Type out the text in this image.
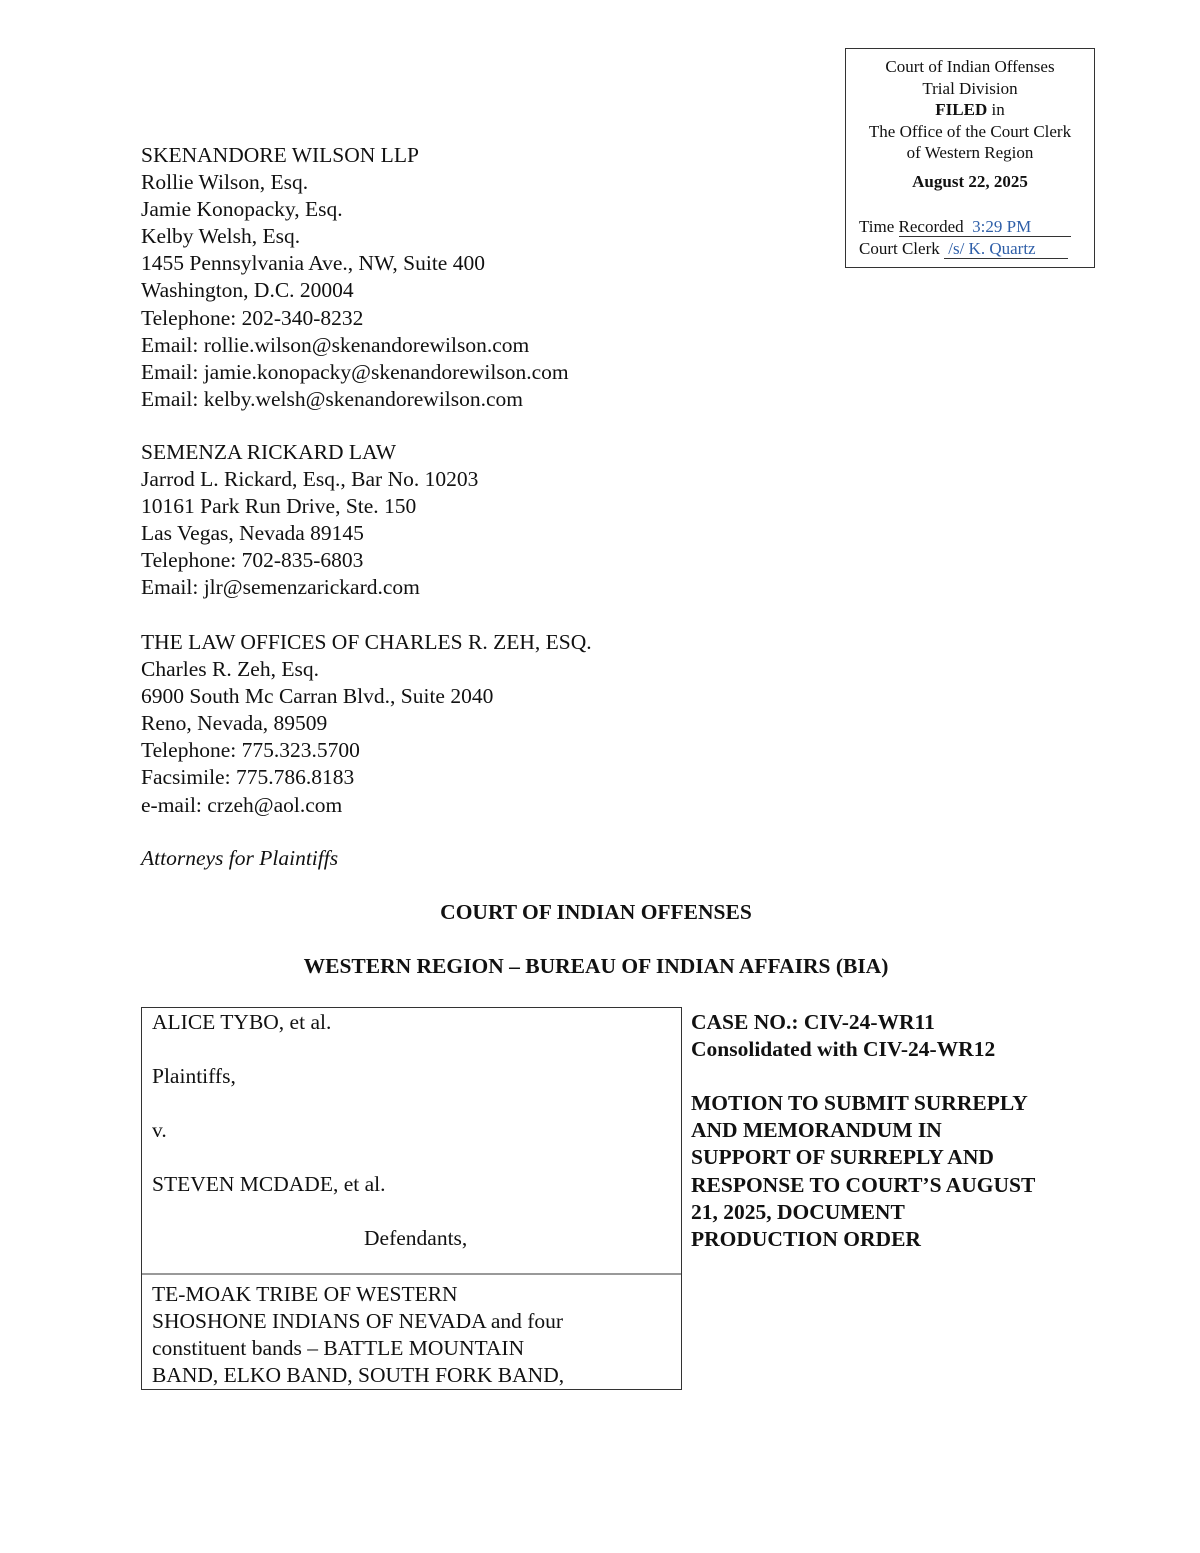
Court of Indian Offenses
Trial Division
FILED in
The Office of the Court Clerk
of Western Region
August 22, 2025
Time Recorded 3:29 PM
Court Clerk  /s/ K. Quartz
SKENANDORE WILSON LLP
Rollie Wilson, Esq.
Jamie Konopacky, Esq.
Kelby Welsh, Esq.
1455 Pennsylvania Ave., NW, Suite 400
Washington, D.C. 20004
Telephone: 202-340-8232
Email: rollie.wilson@skenandorewilson.com
Email: jamie.konopacky@skenandorewilson.com
Email: kelby.welsh@skenandorewilson.com
SEMENZA RICKARD LAW
Jarrod L. Rickard, Esq., Bar No. 10203
10161 Park Run Drive, Ste. 150
Las Vegas, Nevada 89145
Telephone: 702-835-6803
Email: jlr@semenzarickard.com
THE LAW OFFICES OF CHARLES R. ZEH, ESQ.
Charles R. Zeh, Esq.
6900 South Mc Carran Blvd., Suite 2040
Reno, Nevada, 89509
Telephone: 775.323.5700
Facsimile: 775.786.8183
e-mail: crzeh@aol.com
Attorneys for Plaintiffs
COURT OF INDIAN OFFENSES
WESTERN REGION – BUREAU OF INDIAN AFFAIRS (BIA)
ALICE TYBO, et al.
Plaintiffs,
v.
STEVEN MCDADE, et al.
Defendants,
TE-MOAK TRIBE OF WESTERN
SHOSHONE INDIANS OF NEVADA and four
constituent bands – BATTLE MOUNTAIN
BAND, ELKO BAND, SOUTH FORK BAND,
CASE NO.: CIV-24-WR11
Consolidated with CIV-24-WR12
MOTION TO SUBMIT SURREPLY
AND MEMORANDUM IN
SUPPORT OF SURREPLY AND
RESPONSE TO COURT’S AUGUST
21, 2025, DOCUMENT
PRODUCTION ORDER
